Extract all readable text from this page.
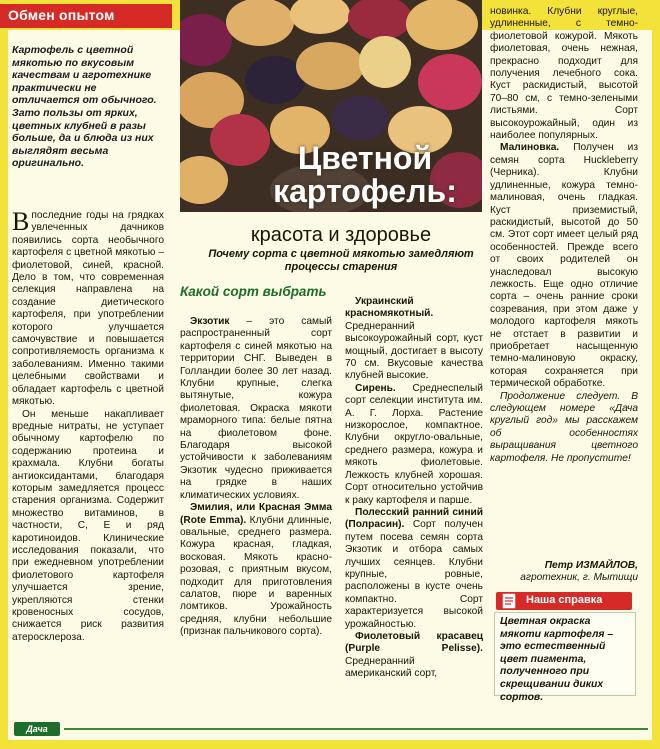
Обмен опытом
Картофель с цветной мякотью по вкусовым качествам и агротехнике практически не отличается от обычного. Зато пользы от ярких, цветных клубней в разы больше, да и блюда из них выглядят весьма оригинально.

Впоследние годы на грядках увлеченных дачников появились сорта необычного картофеля с цветной мякотью – фиолетовой, синей, красной. Дело в том, что современная селекция направлена на создание диетического картофеля, при употреблении которого улучшается самочувствие и повышается сопротивляемость организма к заболеваниям. Именно такими целебными свойствами и обладает картофель с цветной мякотью.

Он меньше накапливает вредные нитраты, не уступает обычному картофелю по содержанию протеина и крахмала. Клубни богаты антиоксидантами, благодаря которым замедляется процесс старения организма. Содержит множество витаминов, в частности, С, Е и ряд каротиноидов. Клинические исследования показали, что при ежедневном употреблении фиолетового картофеля улучшается зрение, укрепляются стенки кровеносных сосудов, снижается риск развития атеросклероза.

Цветной
картофель:
красота и здоровье
Почему сорта с цветной мякотью замедляют процессы старения
Какой сорт выбрать

Экзотик – это самый распространенный сорт картофеля с синей мякотью на территории СНГ. Выведен в Голландии более 30 лет назад. Клубни крупные, слегка вытянутые, кожура фиолетовая. Окраска мякоти мраморного типа: белые пятна на фиолетовом фоне. Благодаря высокой устойчивости к заболеваниям Экзотик чудесно приживается на грядке в наших климатических условиях.

Эмилия, или Красная Эмма (Rote Emma). Клубни длинные, овальные, среднего размера. Кожура красная, гладкая, восковая. Мякоть красно-розовая, с приятным вкусом, подходит для приготовления салатов, пюре и варенных ломтиков. Урожайность средняя, клубни небольшие (признак пальчикового сорта).

Украинский красномякотный. Среднеранний высокоурожайный сорт, куст мощный, достигает в высоту 70 см. Вкусовые качества клубней высокие.

Сирень. Среднеспелый сорт селекции института им. А. Г. Лорха. Растение низкорослое, компактное. Клубни округло-овальные, среднего размера, кожура и мякоть фиолетовые. Лежкость клубней хорошая. Сорт относительно устойчив к раку картофеля и парше.

Полесский ранний синий (Полрасин). Сорт получен путем посева семян сорта Экзотик и отбора самых лучших сеянцев. Клубни крупные, ровные, расположены в кусте очень компактно. Сорт характеризуется высокой урожайностью.

Фиолетовый красавец (Purple Pelisse). Среднеранний американский сорт,

новинка. Клубни круглые, удлиненные, с темно-фиолетовой кожурой. Мякоть фиолетовая, очень нежная, прекрасно подходит для получения лечебного сока. Куст раскидистый, высотой 70–80 см, с темно-зелеными листьями. Сорт высокоурожайный, один из наиболее популярных.

Малиновка. Получен из семян сорта Huckleberry (Черника). Клубни удлиненные, кожура темно-малиновая, очень гладкая. Куст приземистый, раскидистый, высотой до 50 см. Этот сорт имеет целый ряд особенностей. Прежде всего от своих родителей он унаследовал высокую лежкость. Еще одно отличие сорта – очень ранние сроки созревания, при этом даже у молодого картофеля мякоть не отстает в развитии и приобретает насыщенную темно-малиновую окраску, которая сохраняется при термической обработке.

Продолжение следует. В следующем номере «Дача круглый год» мы расскажем об особенностях выращивания цветного картофеля. Не пропустите!

Петр ИЗМАЙЛОВ,
агротехник, г. Мытищи
Наша справка
Цветная окраска мякоти картофеля – это естественный цвет пигмента, полученного при скрещивании диких сортов.
Дача
